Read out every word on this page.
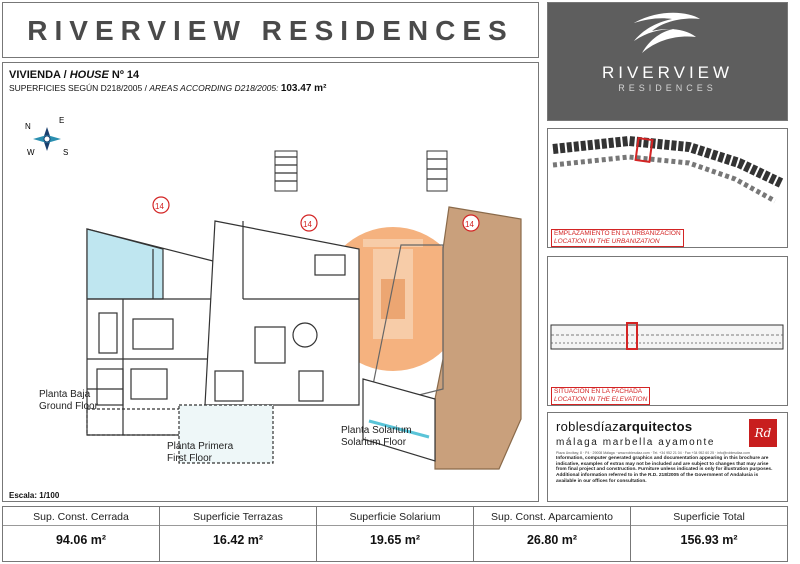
RIVERVIEW RESIDENCES
RIVERVIEW
RESIDENCES
VIVIENDA / HOUSE Nº 14
SUPERFICIES SEGÚN D218/2005 / AREAS ACCORDING D218/2005: 103.47 m²
N
S
E
W
14
14	14
Planta Baja
Ground Floor
Planta Primera
First Floor
Planta Solarium
Solarium Floor
Escala: 1/100
EMPLAZAMIENTO EN LA URBANIZACIÓN
LOCATION IN THE URBANIZATION
SITUACIÓN EN LA FACHADA
LOCATION IN THE ELEVATION
roblesdíazarquitectos
málaga marbella ayamonte
Rd
Plaza Uncibay, 8 · P4 · 29008 Málaga · www.roblesdiaz.com · Tel. +34 952 21 04 · Fax +34 952 60 25 · info@roblesdiaz.com
Information, computer generated graphics and documentation appearing in this brochure are indicative, examples of extras may not be included and are subject to changes that may arise from final project and construction. Furniture unless indicated is only for illustration purposes. Additional information referred to in the R.D. 218/2005 of the Government of Andalusia is available in our offices for consultation.
Sup. Const. Cerrada
94.06 m²
Superficie Terrazas
16.42 m²
Superficie Solarium
19.65 m²
Sup. Const. Aparcamiento
26.80 m²
Superficie Total
156.93 m²
